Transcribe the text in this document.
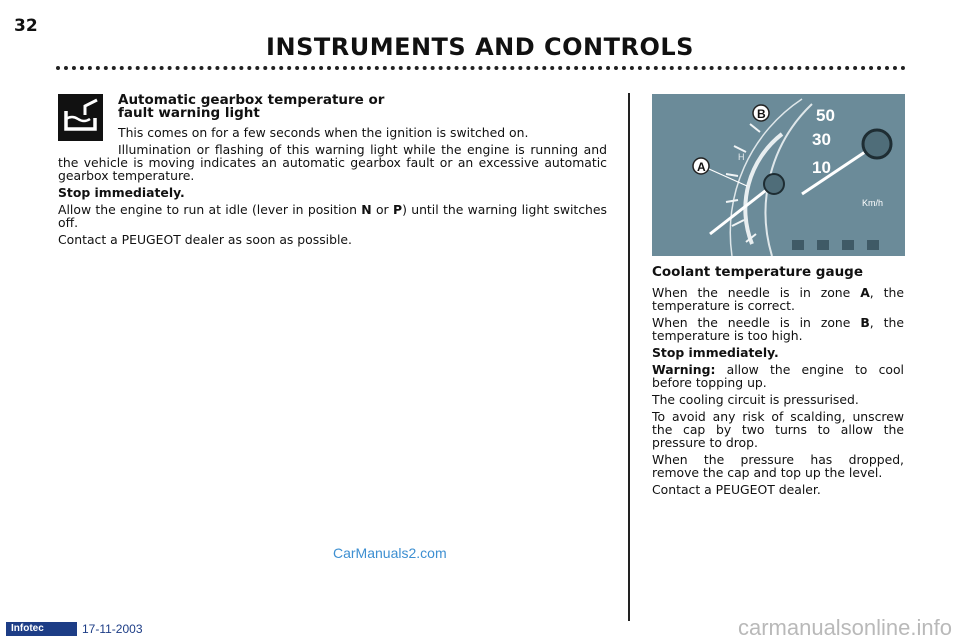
32
INSTRUMENTS AND CONTROLS
Automatic gearbox temperature or
fault warning light

This comes on for a few seconds when the ignition is switched on.

Illumination or flashing of this warning light while the engine is running and the vehicle is moving indicates an automatic gearbox fault or an excessive automatic gearbox temperature.

Stop immediately.

Allow the engine to run at idle (lever in position N or P) until the warning light switches off.

Contact a PEUGEOT dealer as soon as possible.

H
50
30
10
Km/h
B
A
Coolant temperature gauge

When the needle is in zone A, the temperature is correct.

When the needle is in zone B, the temperature is too high.

Stop immediately.

Warning: allow the engine to cool before topping up.

The cooling circuit is pressurised.

To avoid any risk of scalding, unscrew the cap by two turns to allow the pressure to drop.

When the pressure has dropped, remove the cap and top up the level.

Contact a PEUGEOT dealer.

CarManuals2.com
Infotec	17-11-2003	carmanualsonline.info
